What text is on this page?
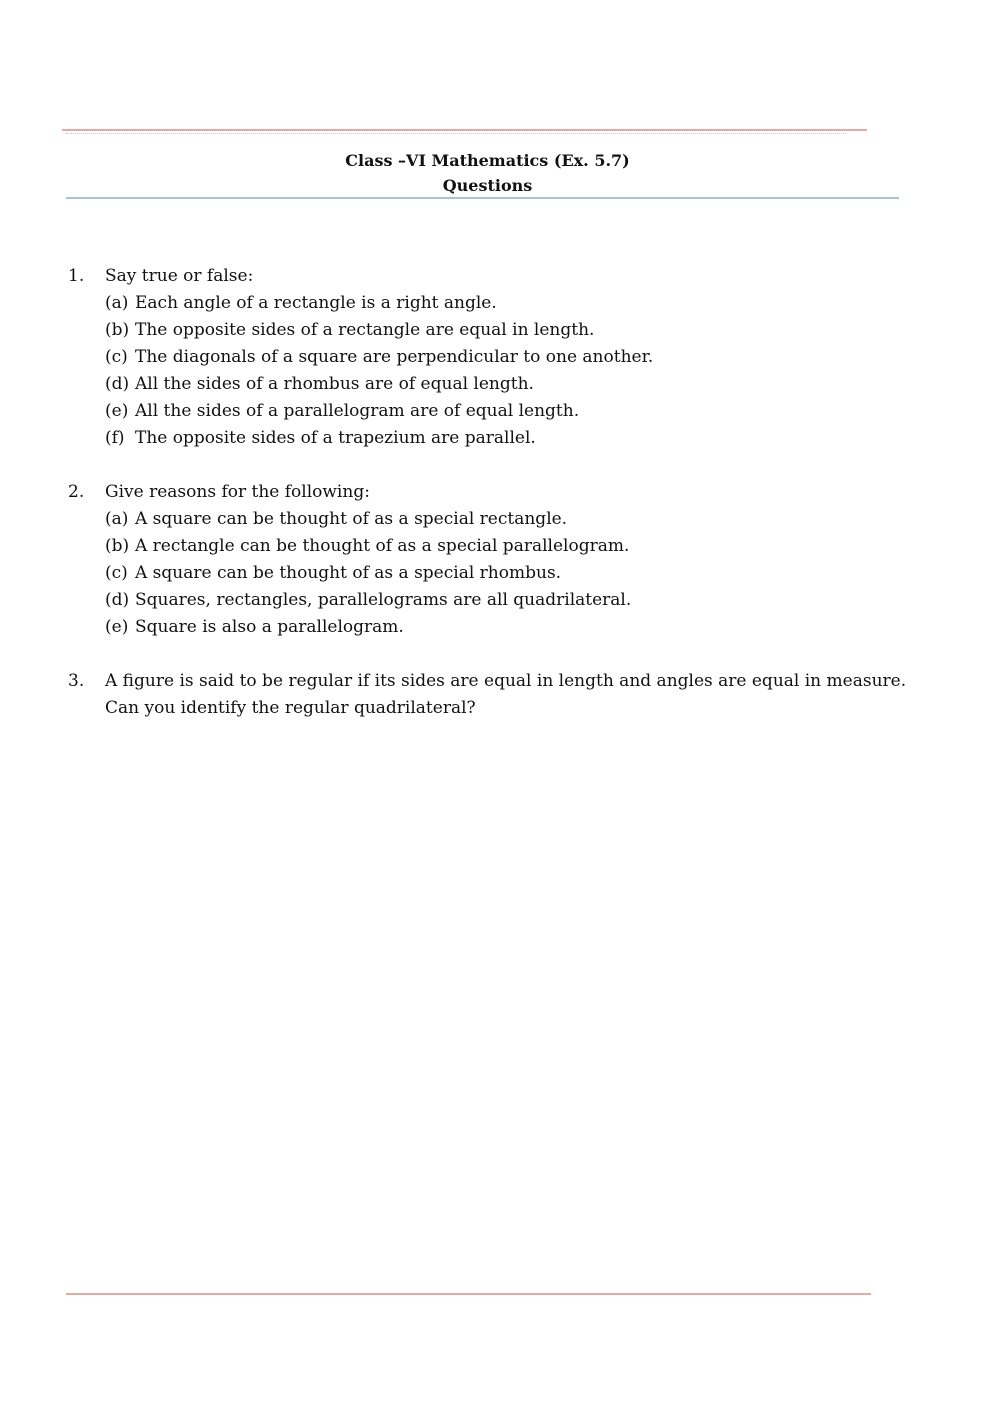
Class –VI Mathematics (Ex. 5.7)
Questions
1. Say true or false:
(a) Each angle of a rectangle is a right angle.
(b) The opposite sides of a rectangle are equal in length.
(c) The diagonals of a square are perpendicular to one another.
(d) All the sides of a rhombus are of equal length.
(e) All the sides of a parallelogram are of equal length.
(f) The opposite sides of a trapezium are parallel.
2. Give reasons for the following:
(a) A square can be thought of as a special rectangle.
(b) A rectangle can be thought of as a special parallelogram.
(c) A square can be thought of as a special rhombus.
(d) Squares, rectangles, parallelograms are all quadrilateral.
(e) Square is also a parallelogram.
3. A figure is said to be regular if its sides are equal in length and angles are equal in measure.
Can you identify the regular quadrilateral?
